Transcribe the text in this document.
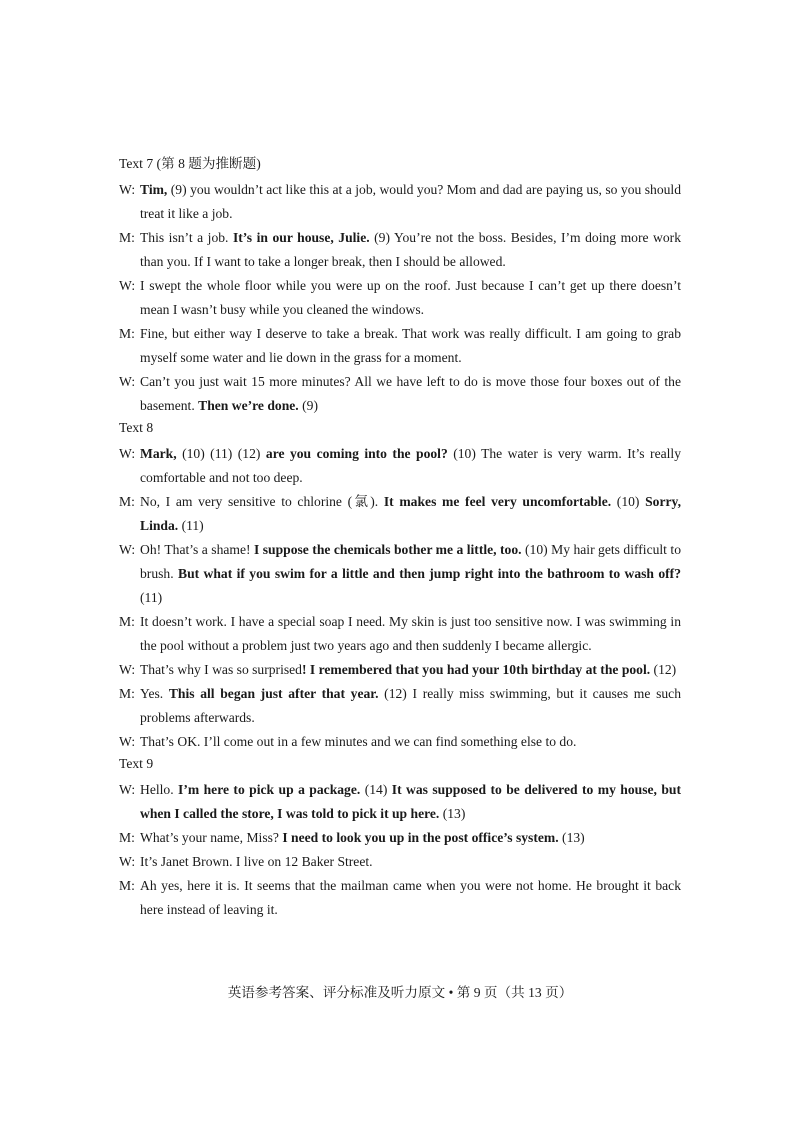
Text 7 (第 8 题为推断题)
W: Tim, (9) you wouldn’t act like this at a job, would you? Mom and dad are paying us, so you should treat it like a job.

M: This isn’t a job. It’s in our house, Julie. (9) You’re not the boss. Besides, I’m doing more work than you. If I want to take a longer break, then I should be allowed.

W: I swept the whole floor while you were up on the roof. Just because I can’t get up there doesn’t mean I wasn’t busy while you cleaned the windows.

M: Fine, but either way I deserve to take a break. That work was really difficult. I am going to grab myself some water and lie down in the grass for a moment.

W: Can’t you just wait 15 more minutes? All we have left to do is move those four boxes out of the basement. Then we’re done. (9)

Text 8
W: Mark, (10) (11) (12) are you coming into the pool? (10) The water is very warm. It’s really comfortable and not too deep.

M: No, I am very sensitive to chlorine (氯). It makes me feel very uncomfortable. (10) Sorry, Linda. (11)

W: Oh! That’s a shame! I suppose the chemicals bother me a little, too. (10) My hair gets difficult to brush. But what if you swim for a little and then jump right into the bathroom to wash off? (11)

M: It doesn’t work. I have a special soap I need. My skin is just too sensitive now. I was swimming in the pool without a problem just two years ago and then suddenly I became allergic.

W: That’s why I was so surprised! I remembered that you had your 10th birthday at the pool. (12)

M: Yes. This all began just after that year. (12) I really miss swimming, but it causes me such problems afterwards.

W: That’s OK. I’ll come out in a few minutes and we can find something else to do.

Text 9
W: Hello. I’m here to pick up a package. (14) It was supposed to be delivered to my house, but when I called the store, I was told to pick it up here. (13)

M: What’s your name, Miss? I need to look you up in the post office’s system. (13)

W: It’s Janet Brown. I live on 12 Baker Street.

M: Ah yes, here it is. It seems that the mailman came when you were not home. He brought it back here instead of leaving it.

英语参考答案、评分标准及听力原文 • 第 9 页（共 13 页）
